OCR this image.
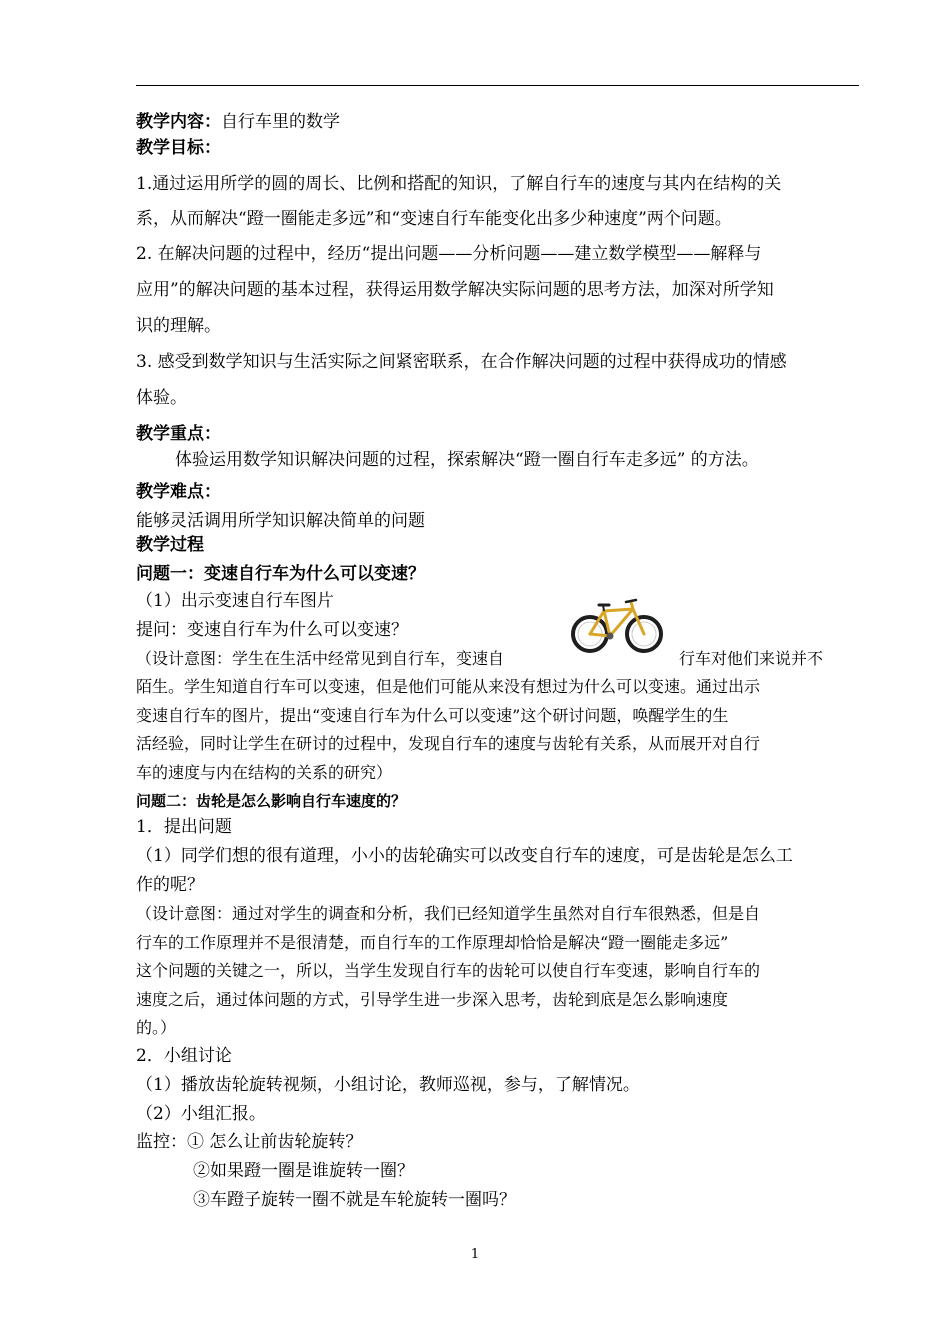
教学内容：自行车里的数学
教学目标：
1.通过运用所学的圆的周长、比例和搭配的知识，了解自行车的速度与其内在结构的关
系，从而解决“蹬一圈能走多远”和“变速自行车能变化出多少种速度”两个问题。
2. 在解决问题的过程中，经历“提出问题——分析问题——建立数学模型——解释与
应用”的解决问题的基本过程，获得运用数学解决实际问题的思考方法，加深对所学知
识的理解。
3. 感受到数学知识与生活实际之间紧密联系，在合作解决问题的过程中获得成功的情感
体验。
教学重点：
体验运用数学知识解决问题的过程，探索解决“蹬一圈自行车走多远” 的方法。
教学难点：
能够灵活调用所学知识解决简单的问题
教学过程
问题一：变速自行车为什么可以变速？
（1）出示变速自行车图片
提问：变速自行车为什么可以变速？
（设计意图：学生在生活中经常见到自行车，变速自	行车对他们来说并不
陌生。学生知道自行车可以变速，但是他们可能从来没有想过为什么可以变速。通过出示
变速自行车的图片，提出“变速自行车为什么可以变速”这个研讨问题，唤醒学生的生
活经验，同时让学生在研讨的过程中，发现自行车的速度与齿轮有关系，从而展开对自行
车的速度与内在结构的关系的研究）
问题二：齿轮是怎么影响自行车速度的？
1．提出问题
（1）同学们想的很有道理，小小的齿轮确实可以改变自行车的速度，可是齿轮是怎么工
作的呢？
（设计意图：通过对学生的调查和分析，我们已经知道学生虽然对自行车很熟悉，但是自
行车的工作原理并不是很清楚，而自行车的工作原理却恰恰是解决“蹬一圈能走多远”
这个问题的关键之一，所以，当学生发现自行车的齿轮可以使自行车变速，影响自行车的
速度之后，通过体问题的方式，引导学生进一步深入思考，齿轮到底是怎么影响速度
的。）
2．小组讨论
（1）播放齿轮旋转视频，小组讨论，教师巡视，参与，了解情况。
（2）小组汇报。
监控：① 怎么让前齿轮旋转？
②如果蹬一圈是谁旋转一圈？
③车蹬子旋转一圈不就是车轮旋转一圈吗？
1
